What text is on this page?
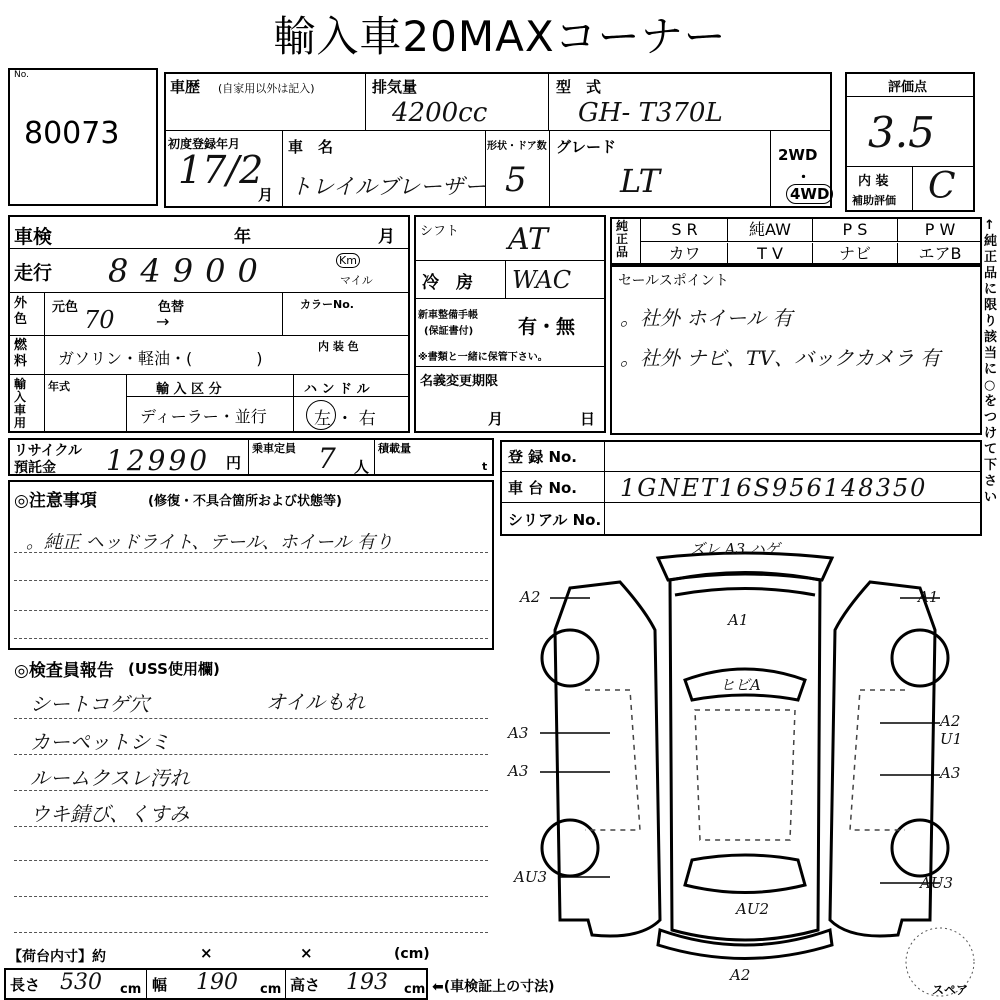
輸入車20MAXコーナー
No.
80073
車歴 (自家用以外は記入)	排気量
4200cc
型　式
GH- T370L
初度登録年月
17/2
月
車　名
トレイルブレーザー
形状・ドア数
5
グレード
LT
2WD
・
4WD
評価点
3.5
内 装
補助評価 C
車検	年	月
走行 84900	Km
マイル
外色
元色	色替	カラーNo.
70	→
燃料	ガソリン・軽油・(　　　　)
内 装 色
輸入車用
年式	輸 入 区 分
ディーラー・並行
ハ ン ド ル
左 ・ 右
シフト AT
冷　房 WAC
新車整備手帳
(保証書付) 有・無
※書類と一緒に保管下さい。
名義変更期限
月	日
純正品
S R	純AW	P S	P W
カワ	T V	ナビ	エアB
セールスポイント
。社外 ホイール 有
。社外 ナビ、TV、バックカメラ 有
↑純正品に限り該当に○をつけて下さい
リサイクル
預託金 12990 円
乗車定員 7 人
積載量
t
登 録 No.
車 台 No. 1GNET16S956148350
シリアル No.
◎注意事項	(修復・不具合箇所および状態等)
。純正 ヘッドライト、テール、ホイール 有り
◎検査員報告 (USS使用欄)
シートコゲ穴	オイルもれ
カーペットシミ
ルームクスレ汚れ
ウキ錆び、くすみ
【荷台内寸】約	×	×	(cm)
長さ 530 cm 幅 190 cm 高さ 193 cm ⬅(車検証上の寸法)
ズレ A3 ハゲ
A1
A2	A1
ヒビA
A3
A2
U1
A3	A3
AU3	AU3
AU2
A2
スペア
